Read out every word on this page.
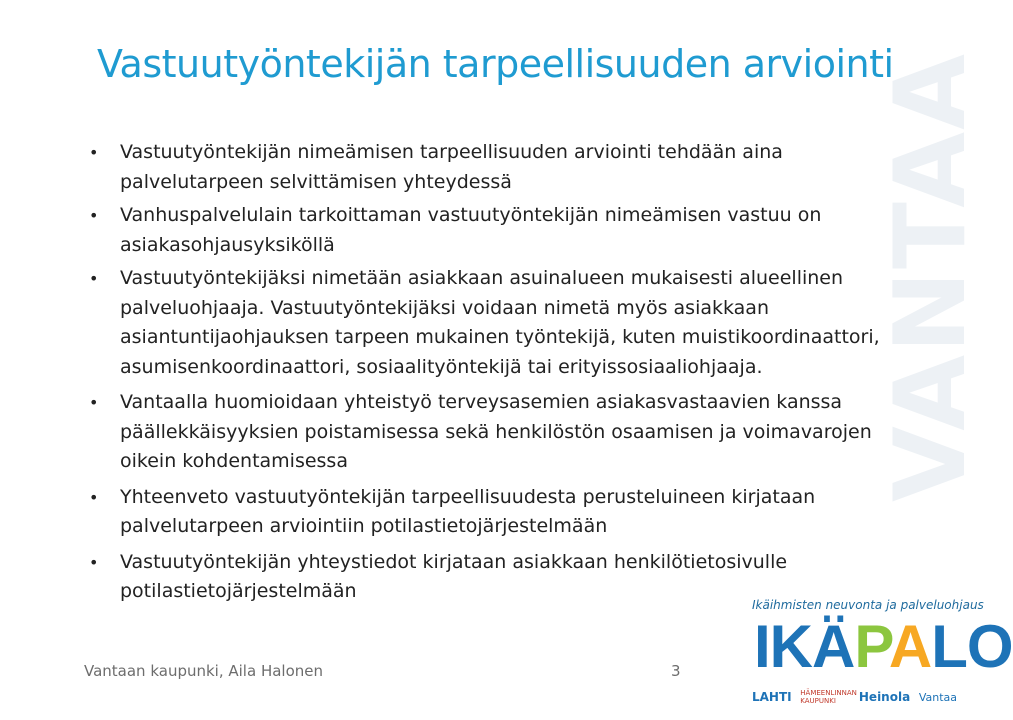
Vastuutyöntekijän tarpeellisuuden arviointi
VANTAA
• Vastuutyöntekijän nimeämisen tarpeellisuuden arviointi tehdään aina palvelutarpeen selvittämisen yhteydessä
• Vanhuspalvelulain tarkoittaman vastuutyöntekijän nimeämisen vastuu on asiakasohjausyksiköllä
• Vastuutyöntekijäksi nimetään asiakkaan asuinalueen mukaisesti alueellinen palveluohjaaja. Vastuutyöntekijäksi voidaan nimetä myös asiakkaan asiantuntijaohjauksen tarpeen mukainen työntekijä, kuten muistikoordinaattori, asumisenkoordinaattori, sosiaalityöntekijä tai erityissosiaaliohjaaja.
• Vantaalla huomioidaan yhteistyö terveysasemien asiakasvastaavien kanssa päällekkäisyyksien poistamisessa sekä henkilöstön osaamisen ja voimavarojen oikein kohdentamisessa
• Yhteenveto vastuutyöntekijän tarpeellisuudesta perusteluineen kirjataan palvelutarpeen arviointiin potilastietojärjestelmään
• Vastuutyöntekijän yhteystiedot kirjataan asiakkaan henkilötietosivulle potilastietojärjestelmään
Vantaan kaupunki, Aila Halonen	3
Ikäihmisten neuvonta ja palveluohjaus
IKÄPALO
LAHTI HÄMEENLINNAN KAUPUNKI	Heinola Vantaa
